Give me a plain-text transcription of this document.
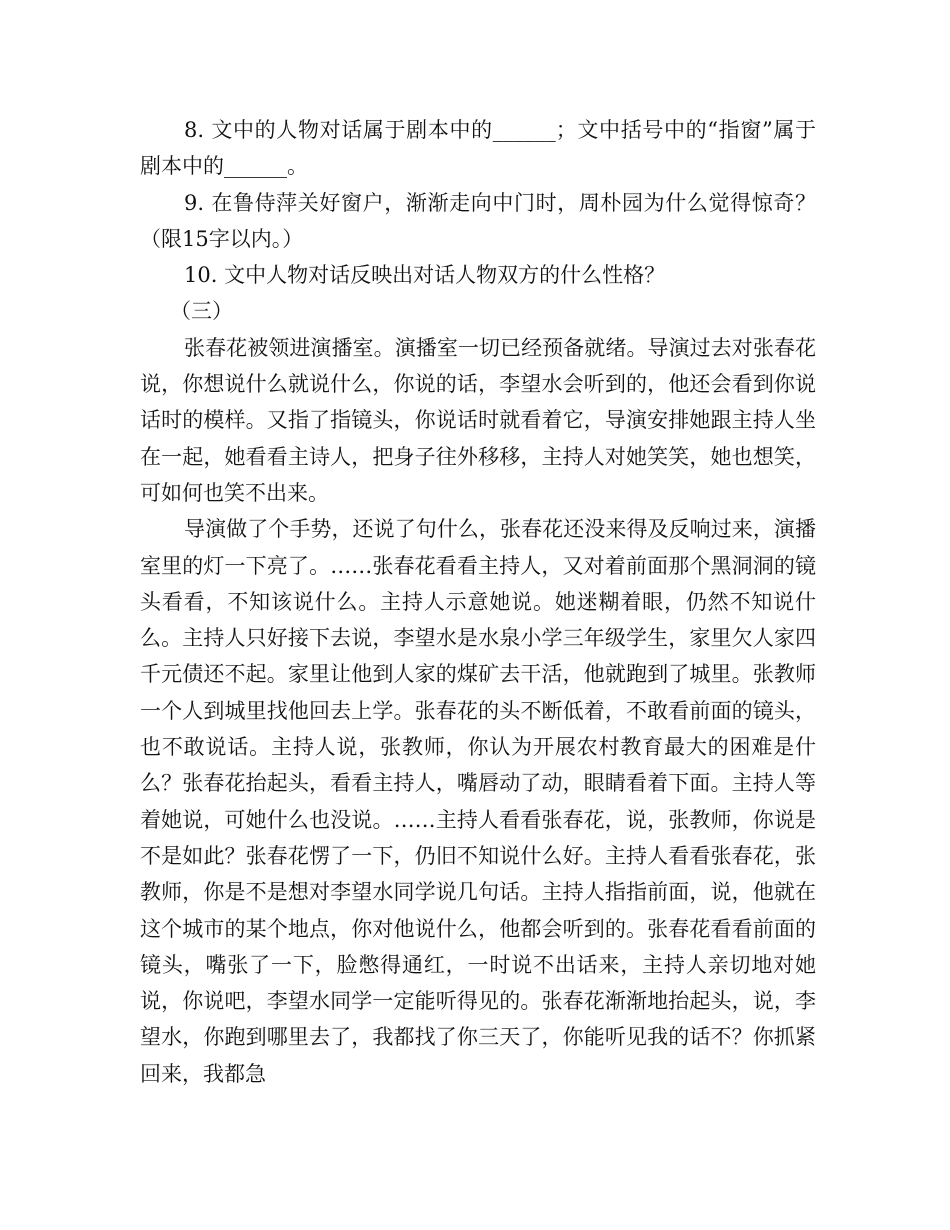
8. 文中的人物对话属于剧本中的______；文中括号中的“指窗”属于剧本中的______。

9. 在鲁侍萍关好窗户，渐渐走向中门时，周朴园为什么觉得惊奇？（限15字以内。）

10. 文中人物对话反映出对话人物双方的什么性格？

（三）

张春花被领进演播室。演播室一切已经预备就绪。导演过去对张春花说，你想说什么就说什么，你说的话，李望水会听到的，他还会看到你说话时的模样。又指了指镜头，你说话时就看着它，导演安排她跟主持人坐在一起，她看看主诗人，把身子往外移移，主持人对她笑笑，她也想笑，可如何也笑不出来。

导演做了个手势，还说了句什么，张春花还没来得及反响过来，演播室里的灯一下亮了。……张春花看看主持人，又对着前面那个黑洞洞的镜头看看，不知该说什么。主持人示意她说。她迷糊着眼，仍然不知说什么。主持人只好接下去说，李望水是水泉小学三年级学生，家里欠人家四千元债还不起。家里让他到人家的煤矿去干活，他就跑到了城里。张教师一个人到城里找他回去上学。张春花的头不断低着，不敢看前面的镜头，也不敢说话。主持人说，张教师，你认为开展农村教育最大的困难是什么？张春花抬起头，看看主持人，嘴唇动了动，眼睛看着下面。主持人等着她说，可她什么也没说。……主持人看看张春花，说，张教师，你说是不是如此？张春花愣了一下，仍旧不知说什么好。主持人看看张春花，张教师，你是不是想对李望水同学说几句话。主持人指指前面，说，他就在这个城市的某个地点，你对他说什么，他都会听到的。张春花看看前面的镜头，嘴张了一下，脸憋得通红，一时说不出话来，主持人亲切地对她说，你说吧，李望水同学一定能听得见的。张春花渐渐地抬起头，说，李望水，你跑到哪里去了，我都找了你三天了，你能听见我的话不？你抓紧回来，我都急
